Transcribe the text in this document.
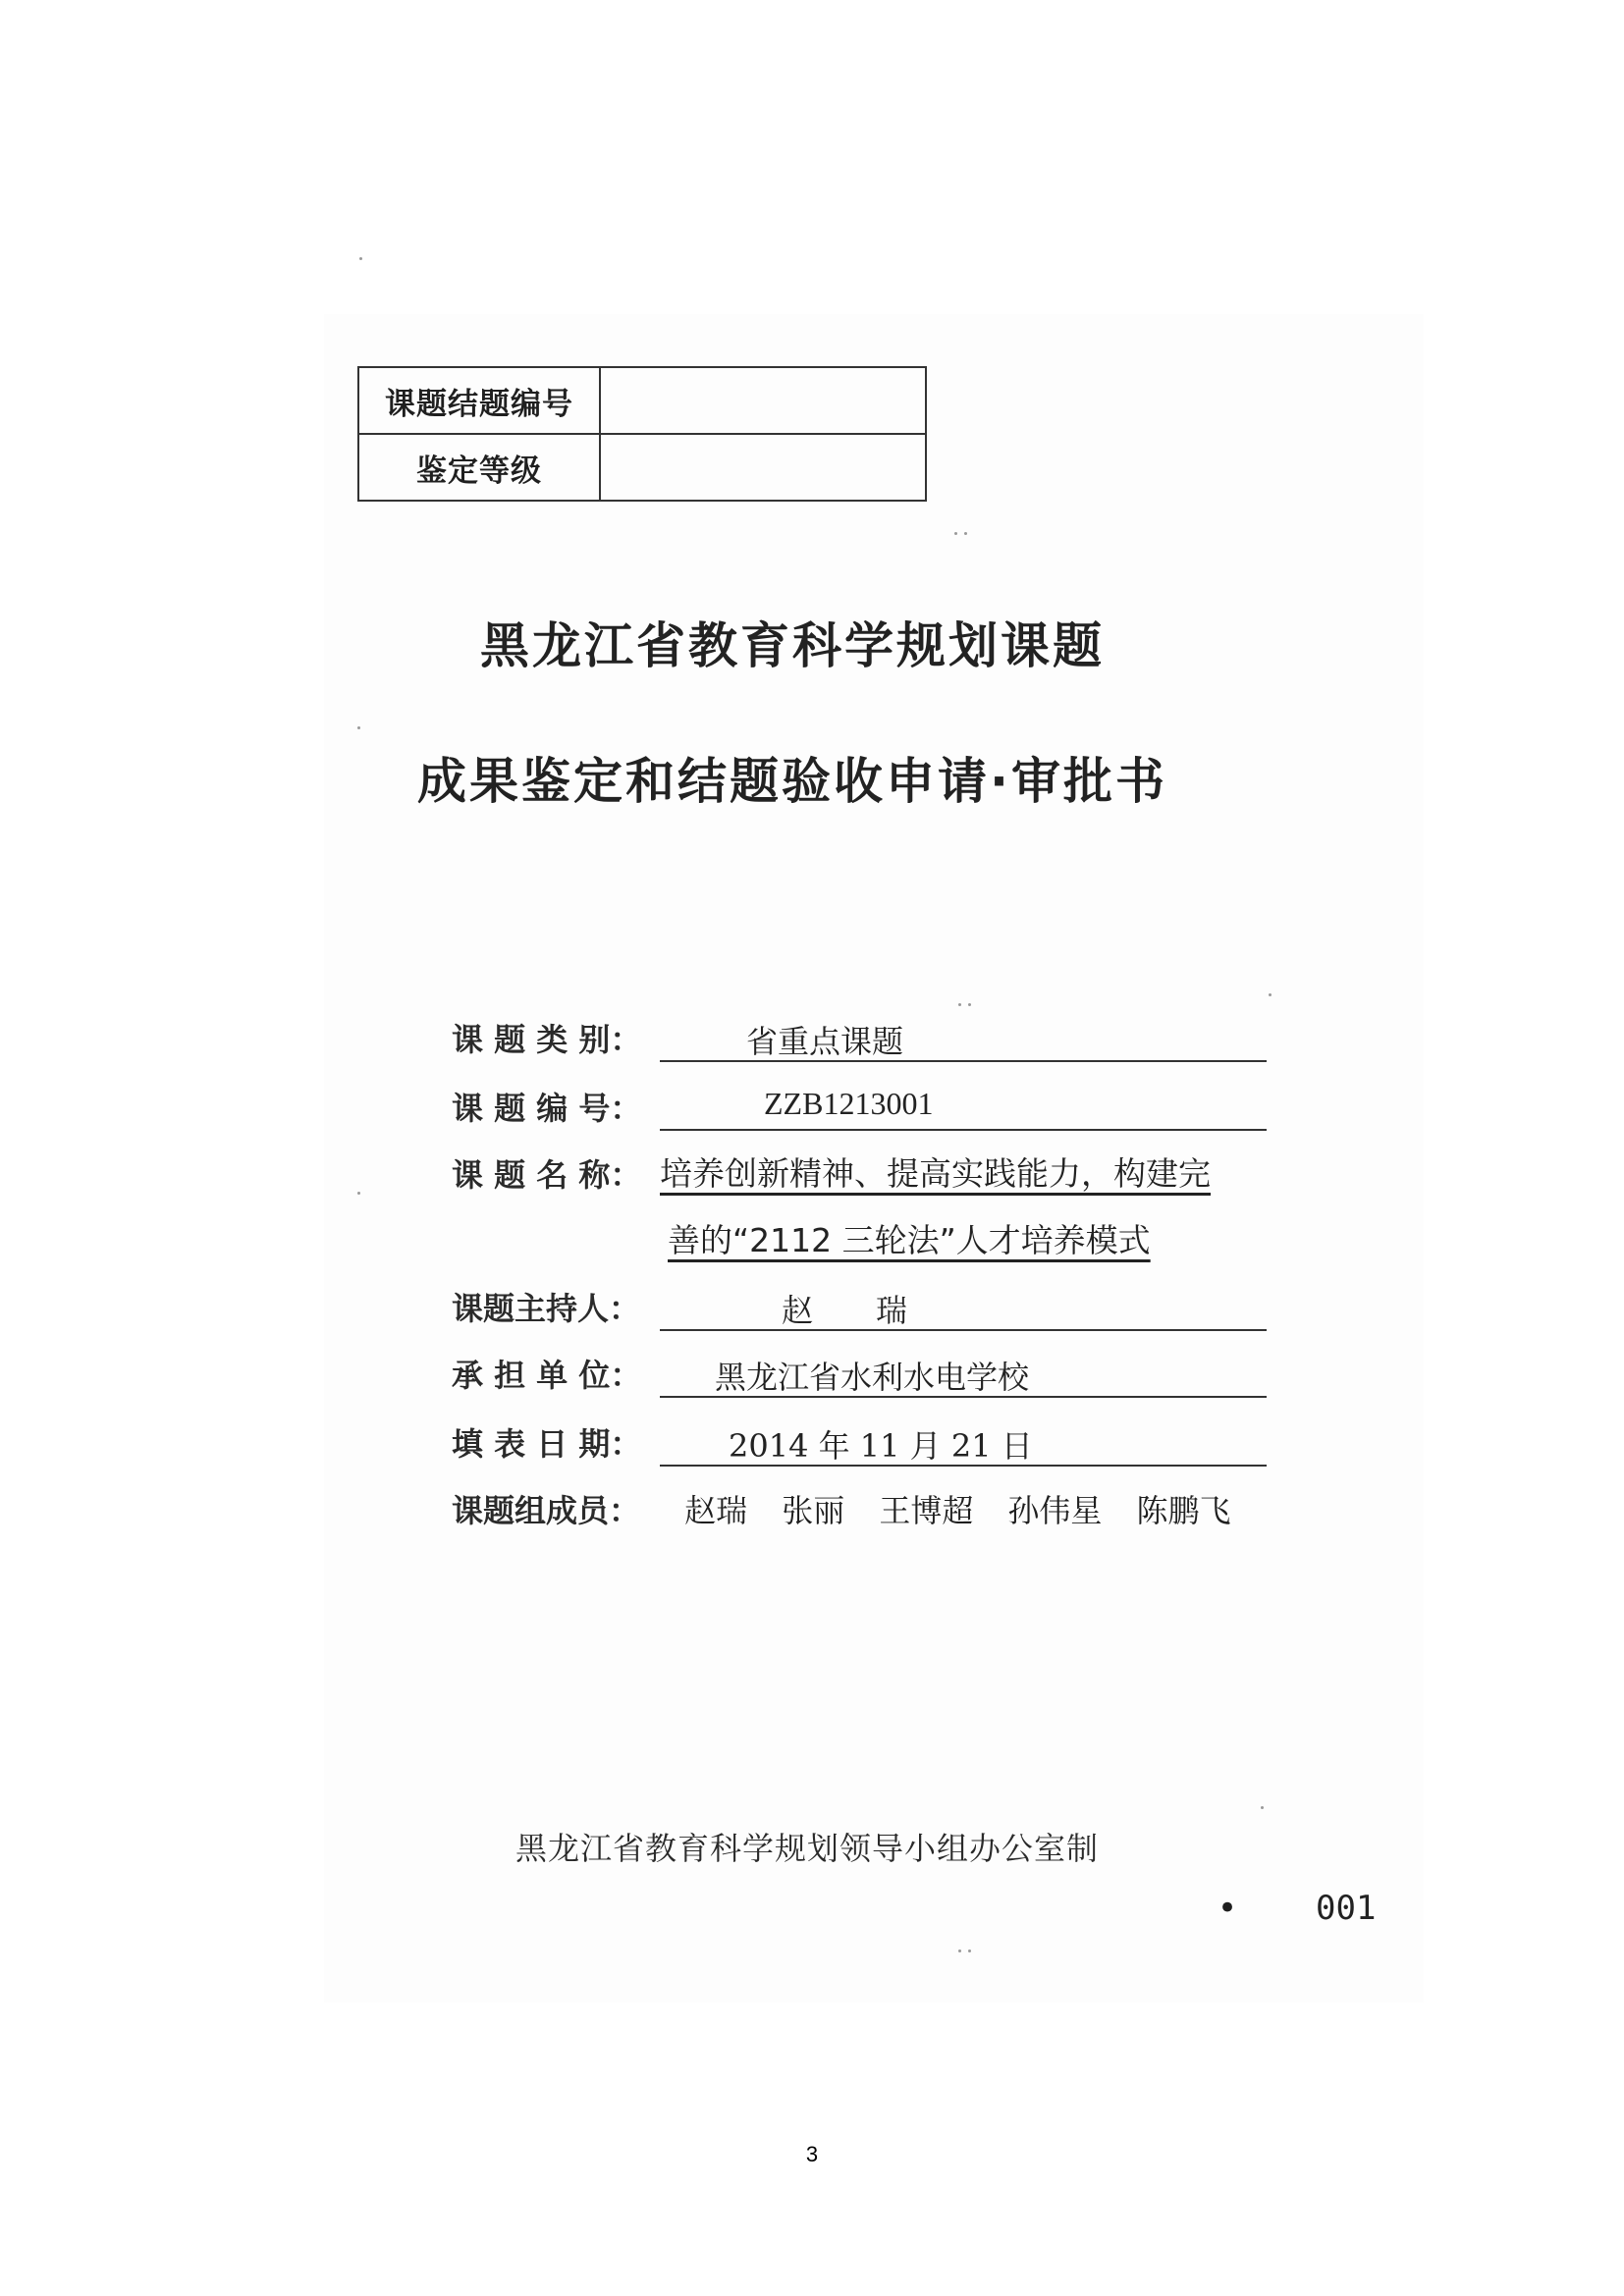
课题结题编号	
鉴定等级	
黑龙江省教育科学规划课题
成果鉴定和结题验收申请·审批书
课 题 类 别：	省重点课题
课 题 编 号：	ZZB1213001
课 题 名 称： 培养创新精神、提高实践能力，构建完
善的“2112 三轮法”人才培养模式
课题主持人：	赵　　瑞
承 担 单 位：	黑龙江省水利水电学校
填 表 日 期：	2014 年 11 月 21 日
课题组成员： 赵瑞 张丽 王博超 孙伟星 陈鹏飞
黑龙江省教育科学规划领导小组办公室制
• 001
3
